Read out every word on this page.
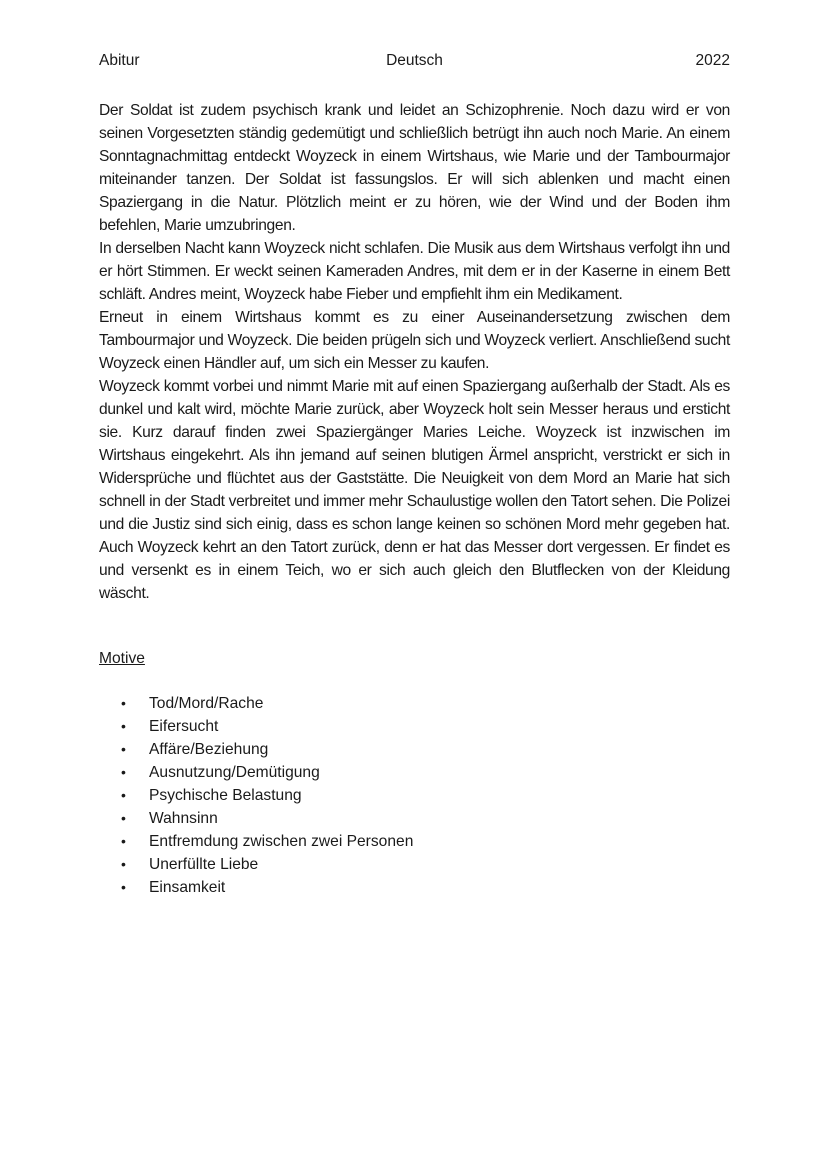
Abitur	Deutsch	2022

Der Soldat ist zudem psychisch krank und leidet an Schizophrenie. Noch dazu wird er von seinen Vorgesetzten ständig gedemütigt und schließlich betrügt ihn auch noch Marie. An einem Sonntagnachmittag entdeckt Woyzeck in einem Wirtshaus, wie Marie und der Tambourmajor miteinander tanzen. Der Soldat ist fassungslos. Er will sich ablenken und macht einen Spaziergang in die Natur. Plötzlich meint er zu hören, wie der Wind und der Boden ihm befehlen, Marie umzubringen.

In derselben Nacht kann Woyzeck nicht schlafen. Die Musik aus dem Wirtshaus verfolgt ihn und er hört Stimmen. Er weckt seinen Kameraden Andres, mit dem er in der Kaserne in einem Bett schläft. Andres meint, Woyzeck habe Fieber und empfiehlt ihm ein Medikament.

Erneut in einem Wirtshaus kommt es zu einer Auseinandersetzung zwischen dem Tambourmajor und Woyzeck. Die beiden prügeln sich und Woyzeck verliert. Anschließend sucht Woyzeck einen Händler auf, um sich ein Messer zu kaufen.

Woyzeck kommt vorbei und nimmt Marie mit auf einen Spaziergang außerhalb der Stadt. Als es dunkel und kalt wird, möchte Marie zurück, aber Woyzeck holt sein Messer heraus und ersticht sie. Kurz darauf finden zwei Spaziergänger Maries Leiche. Woyzeck ist inzwischen im Wirtshaus eingekehrt. Als ihn jemand auf seinen blutigen Ärmel anspricht, verstrickt er sich in Widersprüche und flüchtet aus der Gaststätte. Die Neuigkeit von dem Mord an Marie hat sich schnell in der Stadt verbreitet und immer mehr Schaulustige wollen den Tatort sehen. Die Polizei und die Justiz sind sich einig, dass es schon lange keinen so schönen Mord mehr gegeben hat. Auch Woyzeck kehrt an den Tatort zurück, denn er hat das Messer dort vergessen. Er findet es und versenkt es in einem Teich, wo er sich auch gleich den Blutflecken von der Kleidung wäscht.

Motive
• Tod/Mord/Rache
• Eifersucht
• Affäre/Beziehung
• Ausnutzung/Demütigung
• Psychische Belastung
• Wahnsinn
• Entfremdung zwischen zwei Personen
• Unerfüllte Liebe
• Einsamkeit
